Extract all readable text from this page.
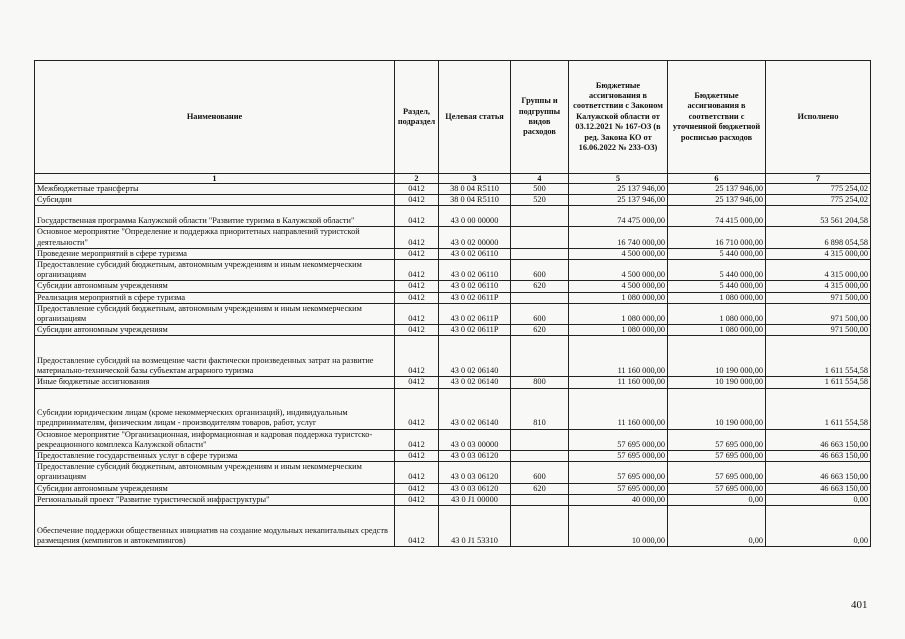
Наименование	Раздел, подраздел	Целевая статья	Группы и подгруппы видов расходов	Бюджетные ассигнования в соответствии с Законом Калужской области от 03.12.2021 № 167-ОЗ (в ред. Закона КО от 16.06.2022 № 233-ОЗ)	Бюджетные ассигнования в соответствии с уточненной бюджетной росписью расходов	Исполнено
1	2	3	4	5	6	7
Межбюджетные трансферты	0412	38 0 04 R5110	500	25 137 946,00	25 137 946,00	775 254,02
Субсидии	0412	38 0 04 R5110	520	25 137 946,00	25 137 946,00	775 254,02
Государственная программа Калужской области "Развитие туризма в Калужской области"	0412	43 0 00 00000		74 475 000,00	74 415 000,00	53 561 204,58
Основное мероприятие "Определение и поддержка приоритетных направлений туристской деятельности"	0412	43 0 02 00000		16 740 000,00	16 710 000,00	6 898 054,58
Проведение мероприятий в сфере туризма	0412	43 0 02 06110		4 500 000,00	5 440 000,00	4 315 000,00
Предоставление субсидий бюджетным, автономным учреждениям и иным некоммерческим организациям	0412	43 0 02 06110	600	4 500 000,00	5 440 000,00	4 315 000,00
Субсидии автономным учреждениям	0412	43 0 02 06110	620	4 500 000,00	5 440 000,00	4 315 000,00
Реализация мероприятий в сфере туризма	0412	43 0 02 0611Р		1 080 000,00	1 080 000,00	971 500,00
Предоставление субсидий бюджетным, автономным учреждениям и иным некоммерческим организациям	0412	43 0 02 0611Р	600	1 080 000,00	1 080 000,00	971 500,00
Субсидии автономным учреждениям	0412	43 0 02 0611Р	620	1 080 000,00	1 080 000,00	971 500,00
Предоставление субсидий на возмещение части фактически произведенных затрат на развитие материально-технической базы субъектам аграрного туризма	0412	43 0 02 06140		11 160 000,00	10 190 000,00	1 611 554,58
Иные бюджетные ассигнования	0412	43 0 02 06140	800	11 160 000,00	10 190 000,00	1 611 554,58
Субсидии юридическим лицам (кроме некоммерческих организаций), индивидуальным предпринимателям, физическим лицам - производителям товаров, работ, услуг	0412	43 0 02 06140	810	11 160 000,00	10 190 000,00	1 611 554,58
Основное мероприятие "Организационная, информационная и кадровая поддержка туристско-рекреационного комплекса Калужской области"	0412	43 0 03 00000		57 695 000,00	57 695 000,00	46 663 150,00
Предоставление государственных услуг в сфере туризма	0412	43 0 03 06120		57 695 000,00	57 695 000,00	46 663 150,00
Предоставление субсидий бюджетным, автономным учреждениям и иным некоммерческим организациям	0412	43 0 03 06120	600	57 695 000,00	57 695 000,00	46 663 150,00
Субсидии автономным учреждениям	0412	43 0 03 06120	620	57 695 000,00	57 695 000,00	46 663 150,00
Региональный проект "Развитие туристической инфраструктуры"	0412	43 0 J1 00000		40 000,00	0,00	0,00
Обеспечение поддержки общественных инициатив на создание модульных некапитальных средств размещения (кемпингов и автокемпингов)	0412	43 0 J1 53310		10 000,00	0,00	0,00
401
